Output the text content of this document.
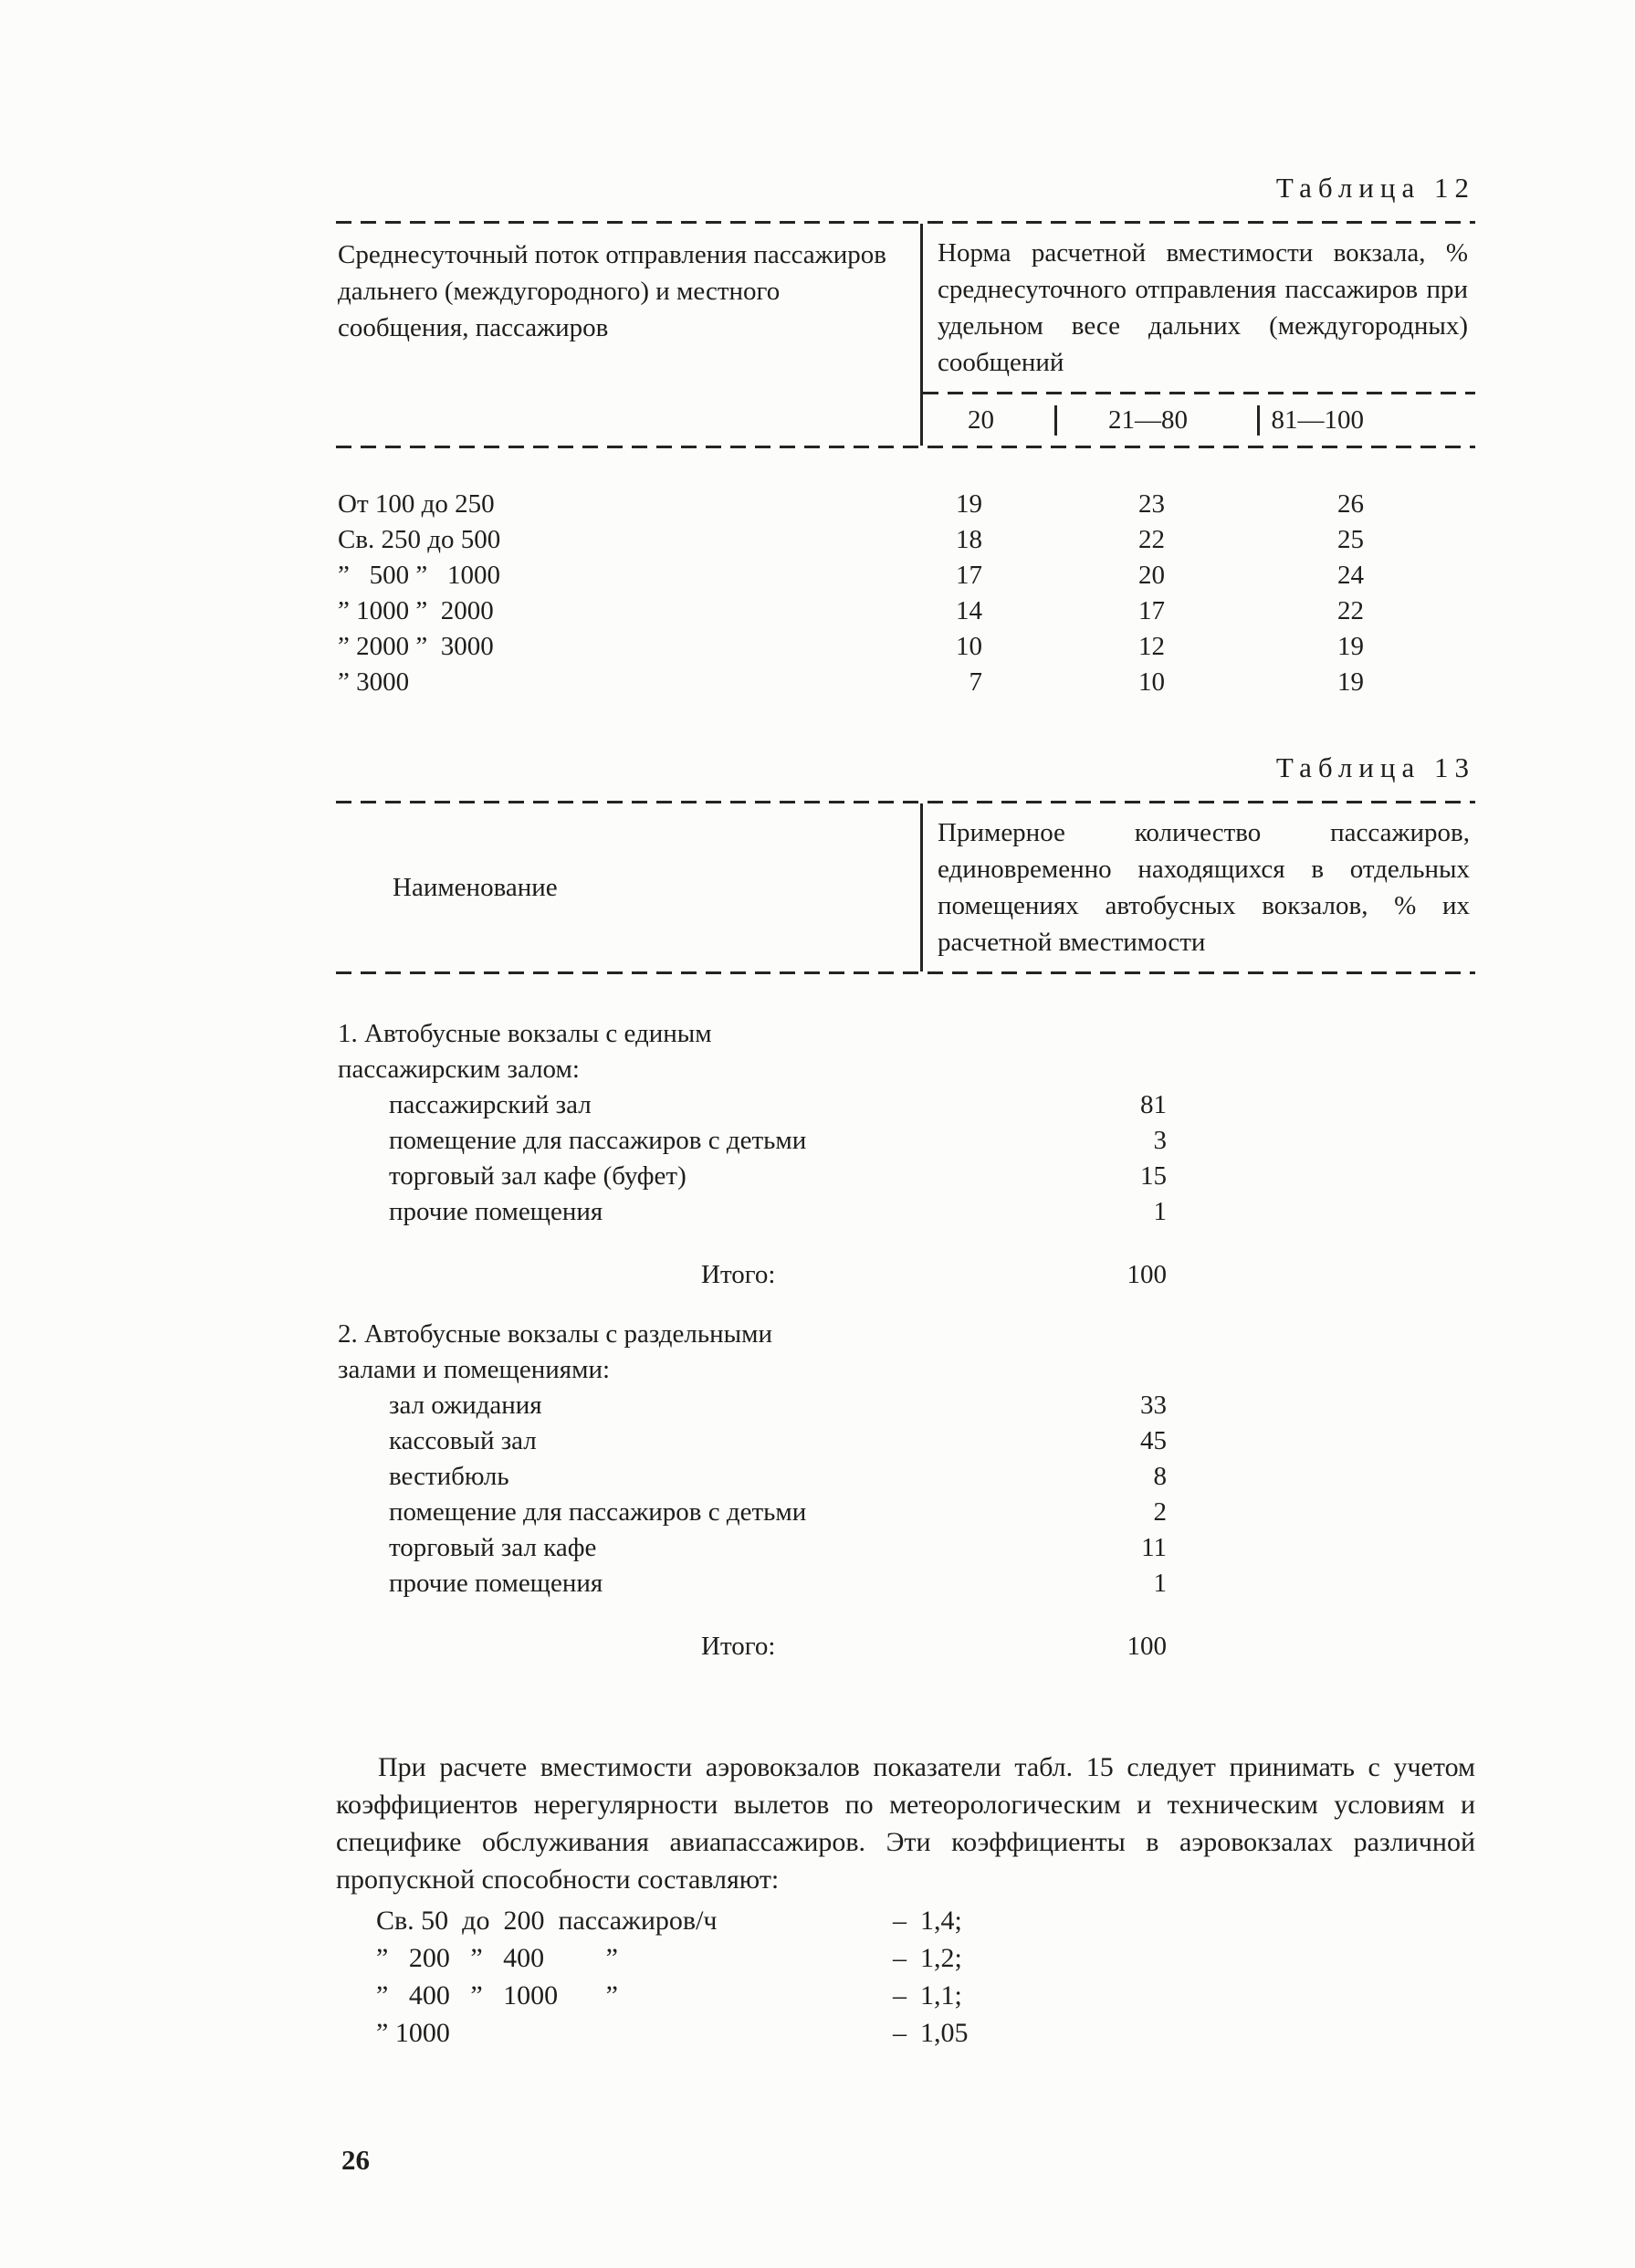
Таблица 12
Среднесуточный поток отправления пассажиров дальнего (междугородного) и местного сообщения, пассажиров
Норма расчетной вместимости вокзала, % среднесуточного отправления пассажиров при удельном весе дальних (междугородных) сообщений
20	21—80	81—100
От 100 до 250	19	23	26
Св. 250 до 500	18	22	25
”   500 ”   1000	17	20	24
” 1000 ”  2000	14	17	22
” 2000 ”  3000	10	12	19
” 3000	7	10	19
Таблица 13
Наименование
Примерное количество пассажиров, единовременно находящихся в отдельных помещениях автобусных вокзалов, % их расчетной вместимости
1. Автобусные вокзалы с единым пассажирским залом:
пассажирский зал	81
помещение для пассажиров с детьми	3
торговый зал кафе (буфет)	15
прочие помещения	1
Итого:	100
2. Автобусные вокзалы с раздельными залами и помещениями:
зал ожидания	33
кассовый зал	45
вестибюль	8
помещение для пассажиров с детьми	2
торговый зал кафе	11
прочие помещения	1
Итого:	100
При расчете вместимости аэровокзалов показатели табл. 15 следует принимать с учетом коэффициентов нерегулярности вылетов по метеорологическим и техническим условиям и специфике обслуживания авиапассажиров. Эти коэффициенты в аэровокзалах различной пропускной способности составляют:
Св. 50  до  200  пассажиров/ч	–  1,4;
”   200   ”   400         ”	–  1,2;
”   400   ”   1000       ”	–  1,1;
” 1000	–  1,05
26
